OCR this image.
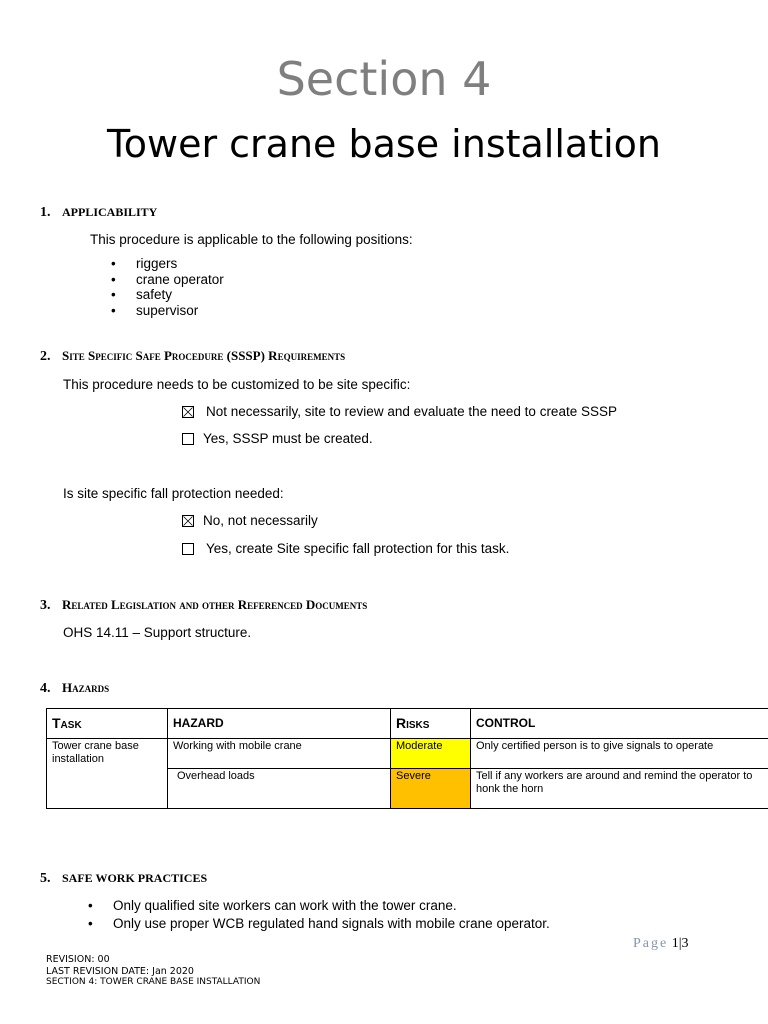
Section 4
Tower crane base installation
1. APPLICABILITY
This procedure is applicable to the following positions:
• riggers
• crane operator
• safety
• supervisor
2. Site Specific Safe Procedure (SSSP) Requirements
This procedure needs to be customized to be site specific:
Not necessarily, site to review and evaluate the need to create SSSP
Yes, SSSP must be created.
Is site specific fall protection needed:
No, not necessarily
Yes, create Site specific fall protection for this task.
3. Related Legislation and other Referenced Documents
OHS 14.11 – Support structure.
4. Hazards
Task	HAZARD	Risks	CONTROL
Tower crane base installation	Working with mobile crane	Moderate	Only certified person is to give signals to operate
	Overhead loads	Severe	Tell if any workers are around and remind the operator to honk the horn
5. SAFE WORK PRACTICES
• Only qualified site workers can work with the tower crane.
• Only use proper WCB regulated hand signals with mobile crane operator.
Page 1|3
REVISION: 00
LAST REVISION DATE: Jan 2020
SECTION 4: TOWER CRANE BASE INSTALLATION
